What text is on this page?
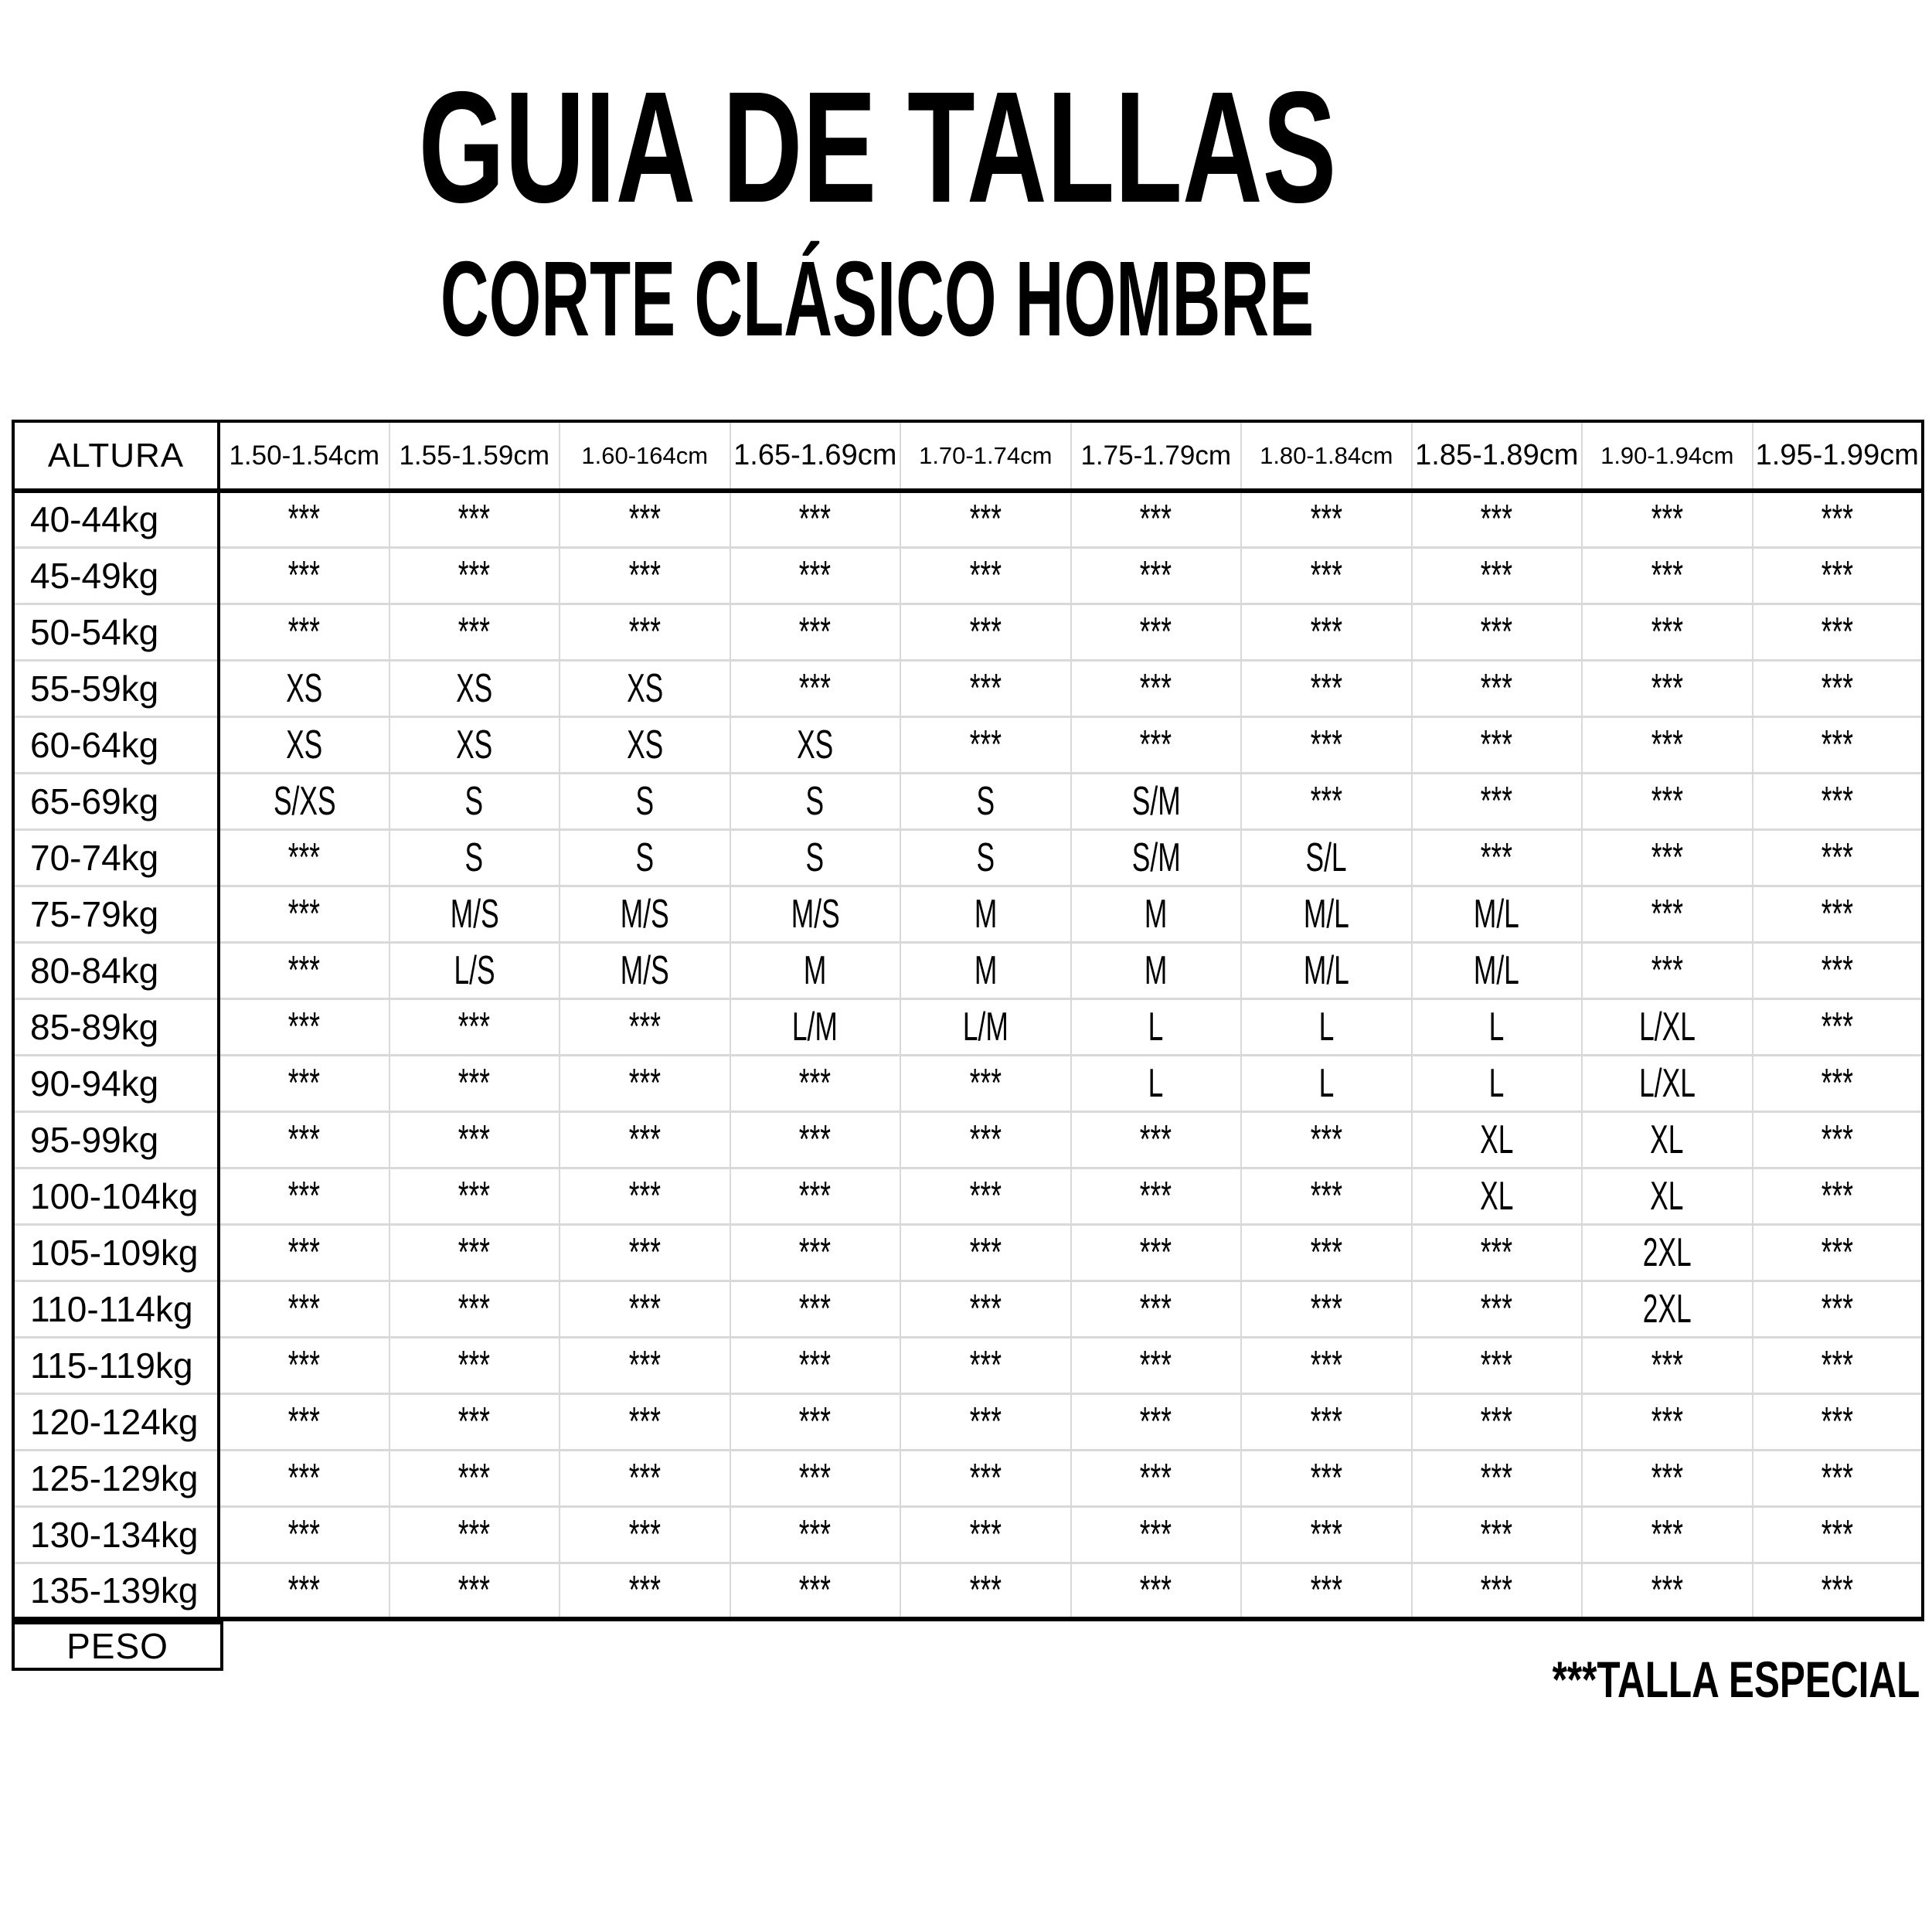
GUIA DE TALLAS
CORTE CLÁSICO HOMBRE
ALTURA	1.50-1.54cm	1.55-1.59cm	1.60-164cm	1.65-1.69cm	1.70-1.74cm	1.75-1.79cm	1.80-1.84cm	1.85-1.89cm	1.90-1.94cm	1.95-1.99cm
40-44kg	***	***	***	***	***	***	***	***	***	***
45-49kg	***	***	***	***	***	***	***	***	***	***
50-54kg	***	***	***	***	***	***	***	***	***	***
55-59kg	XS	XS	XS	***	***	***	***	***	***	***
60-64kg	XS	XS	XS	XS	***	***	***	***	***	***
65-69kg	S/XS	S	S	S	S	S/M	***	***	***	***
70-74kg	***	S	S	S	S	S/M	S/L	***	***	***
75-79kg	***	M/S	M/S	M/S	M	M	M/L	M/L	***	***
80-84kg	***	L/S	M/S	M	M	M	M/L	M/L	***	***
85-89kg	***	***	***	L/M	L/M	L	L	L	L/XL	***
90-94kg	***	***	***	***	***	L	L	L	L/XL	***
95-99kg	***	***	***	***	***	***	***	XL	XL	***
100-104kg	***	***	***	***	***	***	***	XL	XL	***
105-109kg	***	***	***	***	***	***	***	***	2XL	***
110-114kg	***	***	***	***	***	***	***	***	2XL	***
115-119kg	***	***	***	***	***	***	***	***	***	***
120-124kg	***	***	***	***	***	***	***	***	***	***
125-129kg	***	***	***	***	***	***	***	***	***	***
130-134kg	***	***	***	***	***	***	***	***	***	***
135-139kg	***	***	***	***	***	***	***	***	***	***
PESO
***TALLA ESPECIAL
